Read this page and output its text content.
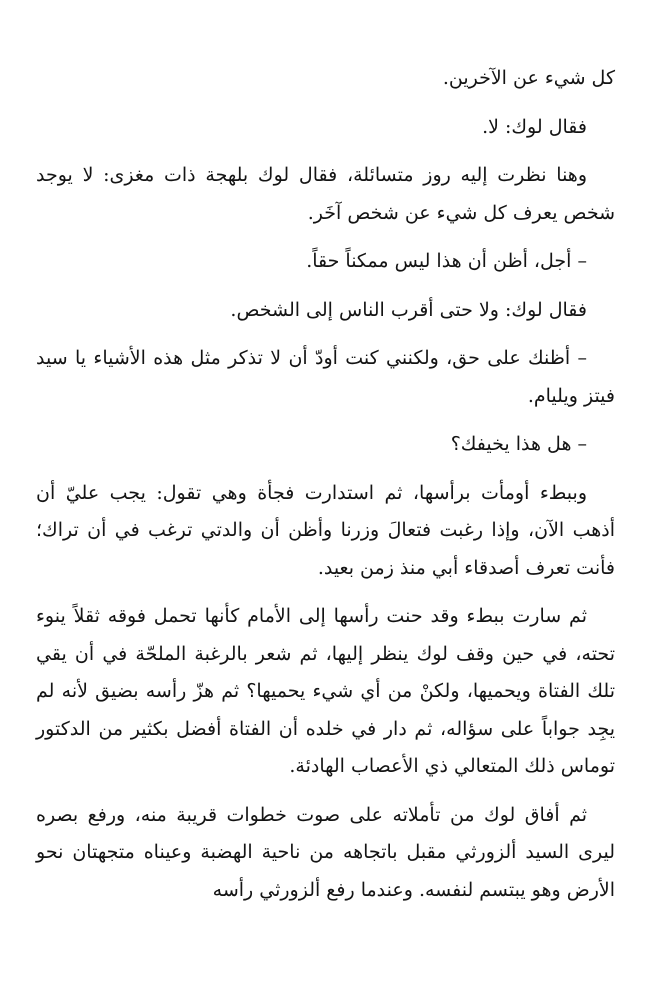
كل شيء عن الآخرين.

فقال لوك: لا.

وهنا نظرت إليه روز متسائلة، فقال لوك بلهجة ذات مغزى: لا يوجد شخص يعرف كل شيء عن شخص آخَر.

– أجل، أظن أن هذا ليس ممكناً حقاً.

فقال لوك: ولا حتى أقرب الناس إلى الشخص.

– أظنك على حق، ولكنني كنت أودّ أن لا تذكر مثل هذه الأشياء يا سيد فيتز ويليام.

– هل هذا يخيفك؟

وببطء أومأت برأسها، ثم استدارت فجأة وهي تقول: يجب عليّ أن أذهب الآن، وإذا رغبت فتعالَ وزرنا وأظن أن والدتي ترغب في أن تراك؛ فأنت تعرف أصدقاء أبي منذ زمن بعيد.

ثم سارت ببطء وقد حنت رأسها إلى الأمام كأنها تحمل فوقه ثقلاً ينوء تحته، في حين وقف لوك ينظر إليها، ثم شعر بالرغبة الملحّة في أن يقي تلك الفتاة ويحميها، ولكنْ من أي شيء يحميها؟ ثم هزّ رأسه بضيق لأنه لم يجِد جواباً على سؤاله، ثم دار في خلده أن الفتاة أفضل بكثير من الدكتور توماس ذلك المتعالي ذي الأعصاب الهادئة.

ثم أفاق لوك من تأملاته على صوت خطوات قريبة منه، ورفع بصره ليرى السيد ألزورثي مقبل باتجاهه من ناحية الهضبة وعيناه متجهتان نحو الأرض وهو يبتسم لنفسه. وعندما رفع ألزورثي رأسه
